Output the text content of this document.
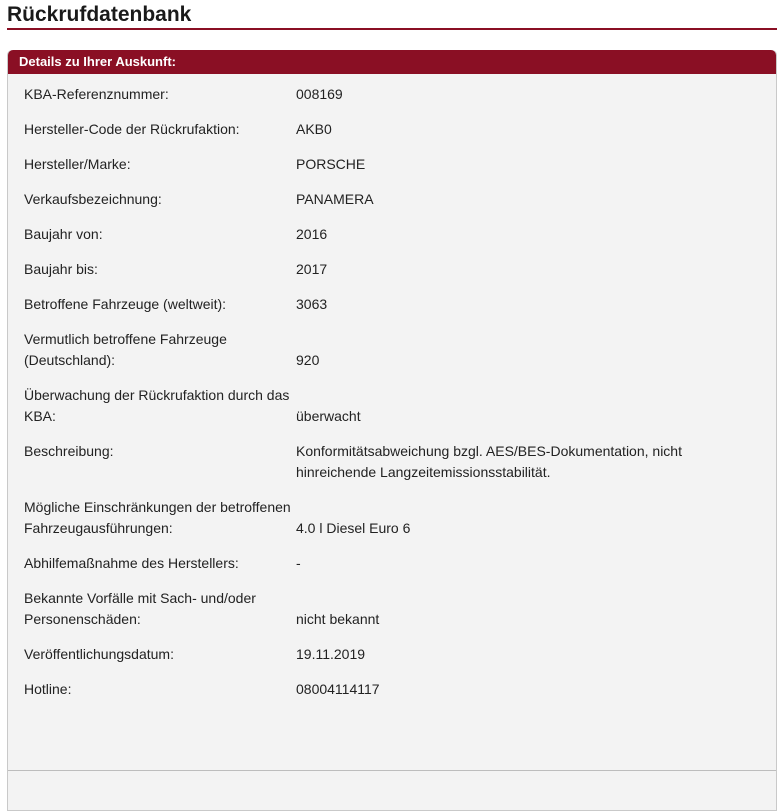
Rückrufdatenbank
Details zu Ihrer Auskunft:
KBA-Referenznummer:	008169
Hersteller-Code der Rückrufaktion:	AKB0
Hersteller/Marke:	PORSCHE
Verkaufsbezeichnung:	PANAMERA
Baujahr von:	2016
Baujahr bis:	2017
Betroffene Fahrzeuge (weltweit):	3063
Vermutlich betroffene Fahrzeuge (Deutschland):	920
Überwachung der Rückrufaktion durch das KBA:	überwacht
Beschreibung:	Konformitätsabweichung bzgl. AES/BES-Dokumentation, nicht hinreichende Langzeitemissionsstabilität.
Mögliche Einschränkungen der betroffenen Fahrzeugausführungen:	4.0 l Diesel Euro 6
Abhilfemaßnahme des Herstellers:	-
Bekannte Vorfälle mit Sach- und/oder Personenschäden:	nicht bekannt
Veröffentlichungsdatum:	19.11.2019
Hotline:	08004114117
